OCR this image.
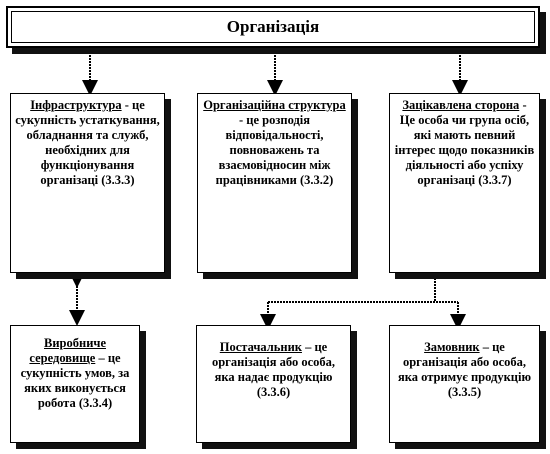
Організація
Інфраструктура - це сукупність устаткування, обладнання та служб, необхідних для функціонування організаці (3.3.3)
Організаційна структура - це розподія відповідальності, повноважень та взаємовідносин між працівниками (3.3.2)
Зацікавлена сторона - Це особа чи група осіб, які мають певний інтерес щодо показників діяльності або успіху організаці (3.3.7)
Виробниче середовище – це сукупність умов, за яких виконується робота (3.3.4)
Постачальник – це організація або особа, яка надає продукцію (3.3.6)
Замовник – це організація або особа, яка отримує продукцію (3.3.5)
